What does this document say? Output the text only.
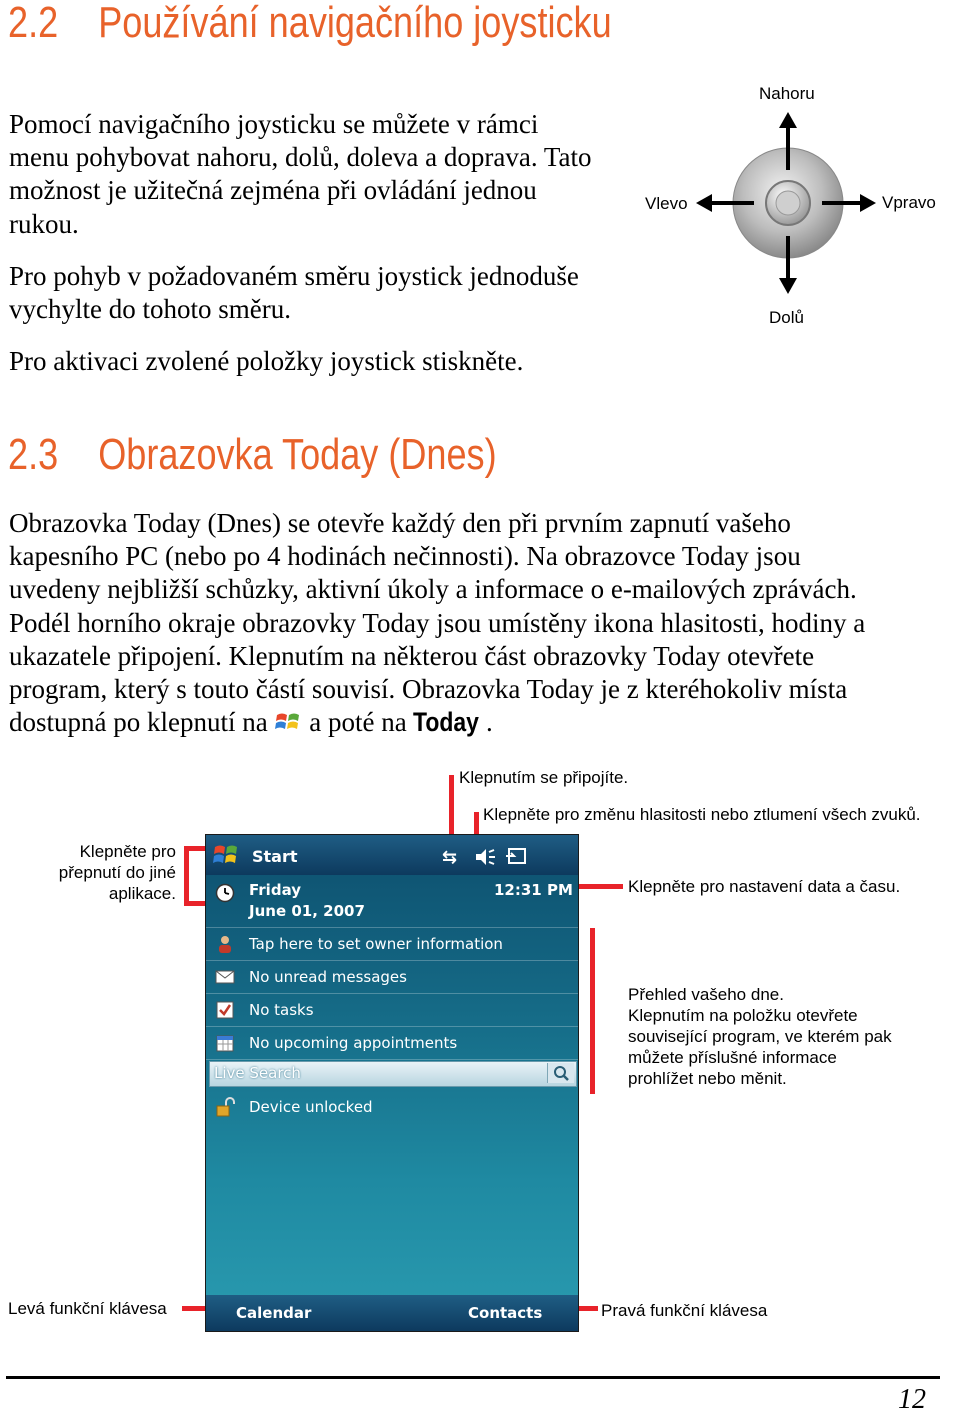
2.2 Používání navigačního joysticku
Pomocí navigačního joysticku se můžete v rámci
menu pohybovat nahoru, dolů, doleva a doprava. Tato
možnost je užitečná zejména při ovládání jednou
rukou.
Pro pohyb v požadovaném směru joystick jednoduše
vychylte do tohoto směru.
Pro aktivaci zvolené položky joystick stiskněte.
Nahoru
Dolů
Vlevo	Vpravo
2.3 Obrazovka Today (Dnes)
Obrazovka Today (Dnes) se otevře každý den při prvním zapnutí vašeho
kapesního PC (nebo po 4 hodinách nečinnosti). Na obrazovce Today jsou
uvedeny nejbližší schůzky, aktivní úkoly a informace o e-mailových zprávách.
Podél horního okraje obrazovky Today jsou umístěny ikona hlasitosti, hodiny a
ukazatele připojení. Klepnutím na některou část obrazovky Today otevřete
program, který s touto částí souvisí. Obrazovka Today je z kteréhokoliv místa
dostupná po klepnutí na a poté na Today .
Klepnutím se připojíte.
Klepněte pro změnu hlasitosti nebo ztlumení všech zvuků.
Klepněte pro
přepnutí do jiné
aplikace.	Klepněte pro nastavení data a času.
Přehled vašeho dne.
Klepnutím na položku otevřete
související program, ve kterém pak
můžete příslušné informace
prohlížet nebo měnit.
Levá funkční klávesa	Pravá funkční klávesa
Start	⇆
Friday
June 01, 2007
12:31 PM
Tap here to set owner information
No unread messages
No tasks
No upcoming appointments
Live Search
Device unlocked
Calendar	Contacts
12
